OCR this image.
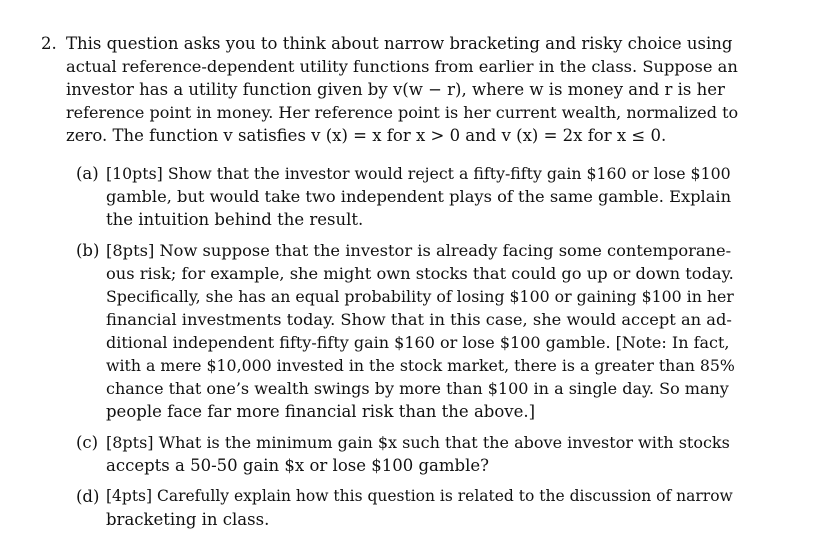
2. This question asks you to think about narrow bracketing and risky choice using
actual reference-dependent utility functions from earlier in the class. Suppose an
investor has a utility function given by v(w − r), where w is money and r is her
reference point in money. Her reference point is her current wealth, normalized to
zero. The function v satisfies v (x) = x for x > 0 and v (x) = 2x for x ≤ 0.
(a) [10pts] Show that the investor would reject a fifty-fifty gain $160 or lose $100
gamble, but would take two independent plays of the same gamble. Explain
the intuition behind the result.
(b) [8pts] Now suppose that the investor is already facing some contemporane-
ous risk; for example, she might own stocks that could go up or down today.
Specifically, she has an equal probability of losing $100 or gaining $100 in her
financial investments today. Show that in this case, she would accept an ad-
ditional independent fifty-fifty gain $160 or lose $100 gamble. [Note: In fact,
with a mere $10,000 invested in the stock market, there is a greater than 85%
chance that one’s wealth swings by more than $100 in a single day. So many
people face far more financial risk than the above.]
(c) [8pts] What is the minimum gain $x such that the above investor with stocks
accepts a 50-50 gain $x or lose $100 gamble?
(d) [4pts] Carefully explain how this question is related to the discussion of narrow
bracketing in class.
